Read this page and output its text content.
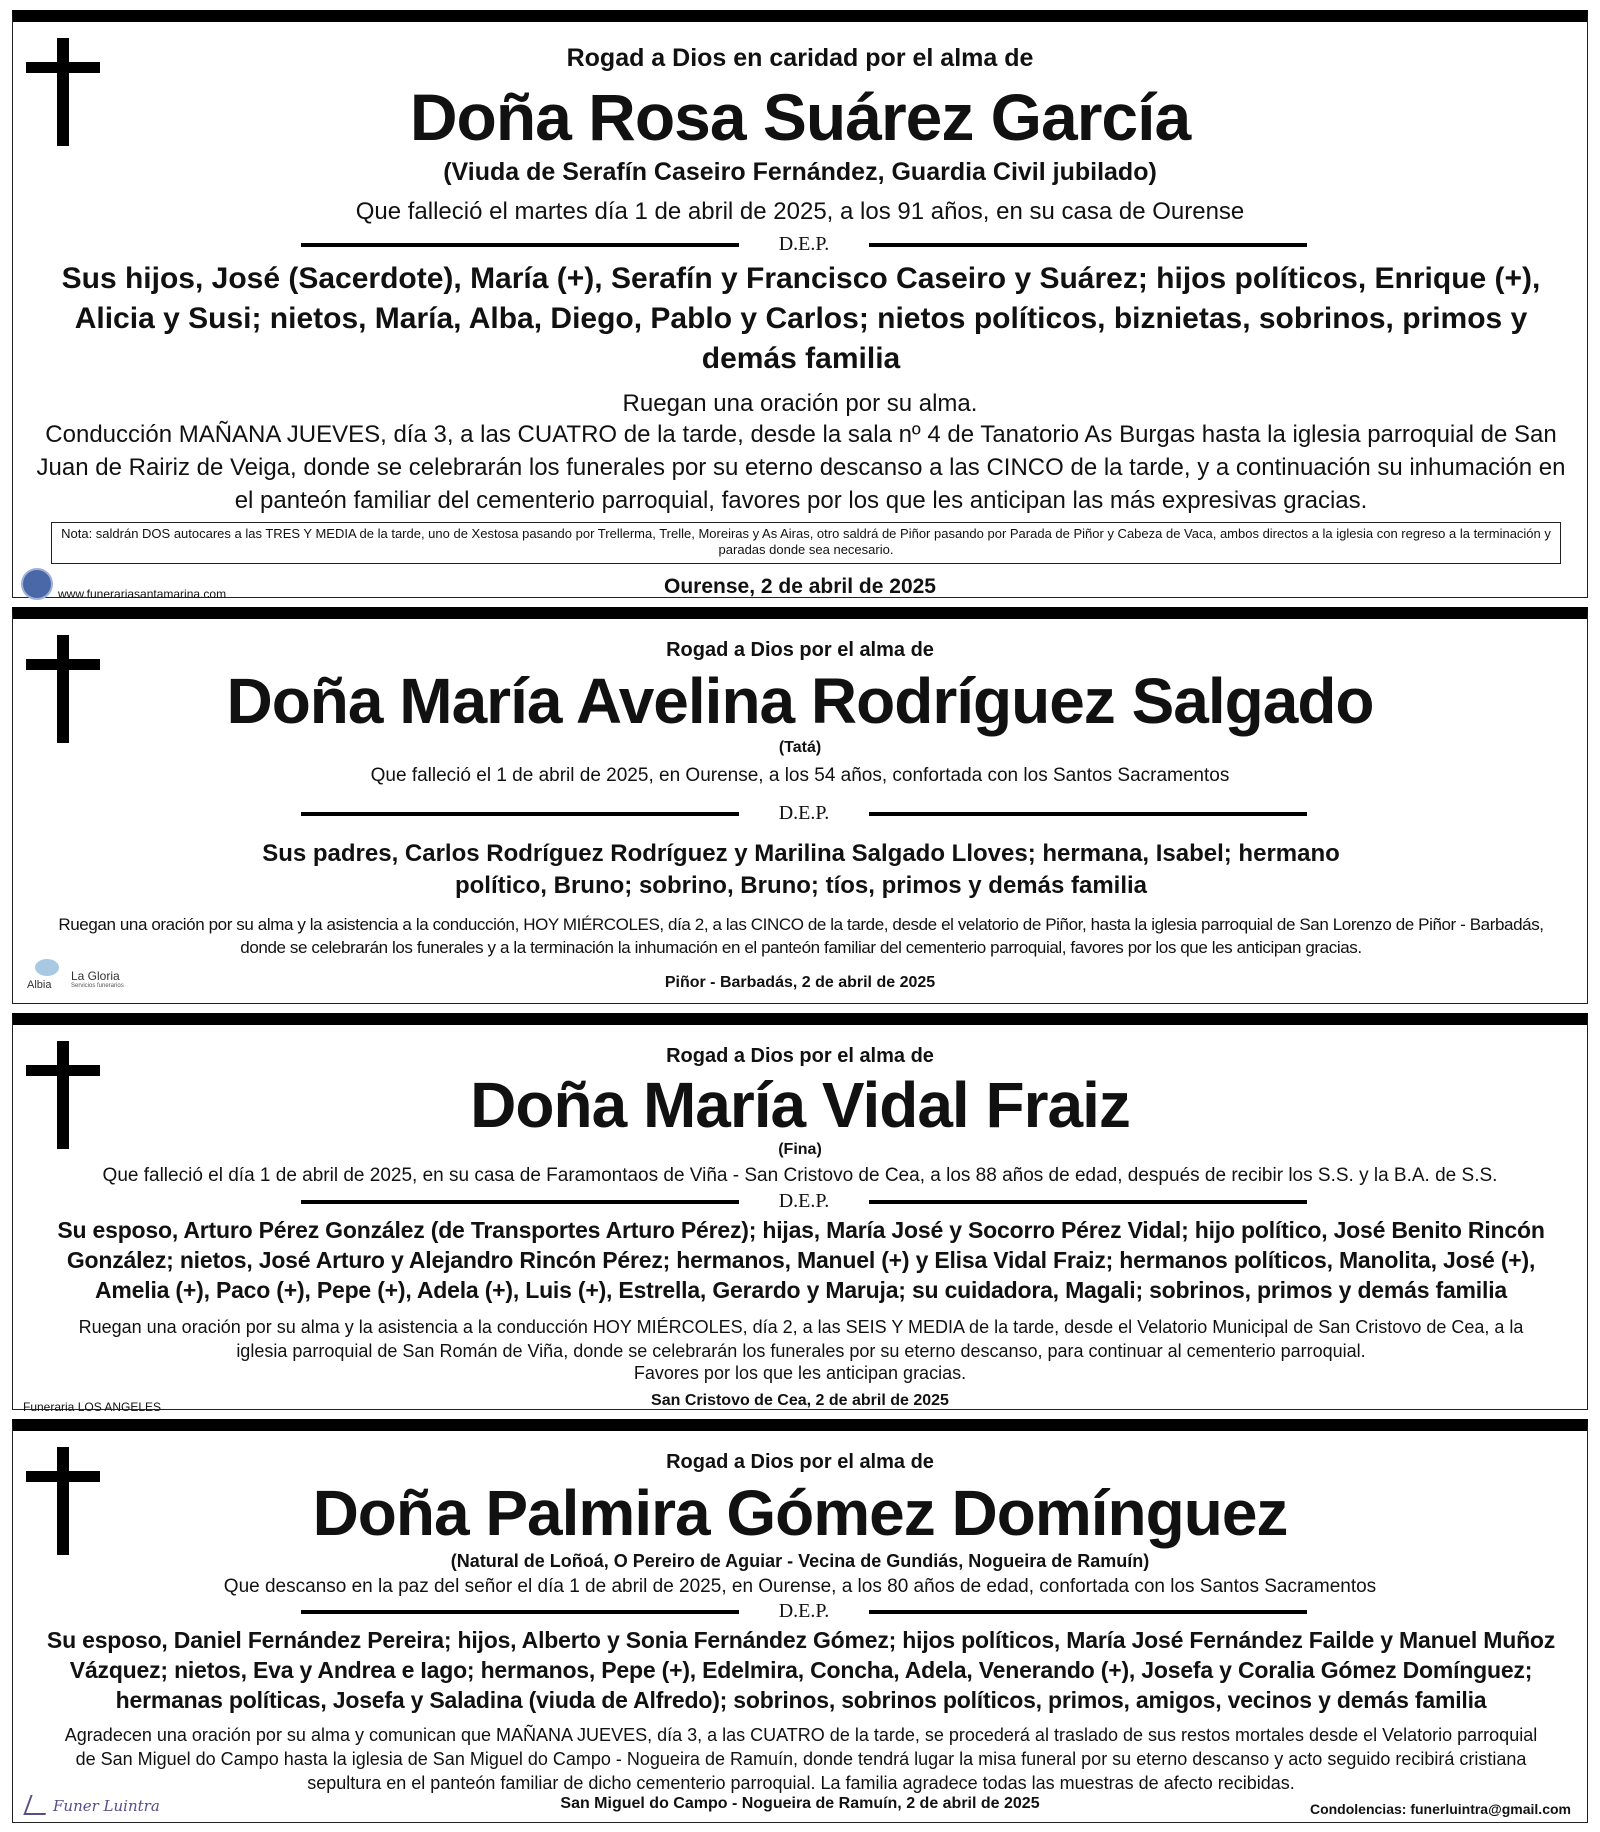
Rogad a Dios en caridad por el alma de
Doña Rosa Suárez García
(Viuda de Serafín Caseiro Fernández, Guardia Civil jubilado)
Que falleció el martes día 1 de abril de 2025, a los 91 años, en su casa de Ourense
D.E.P.
Sus hijos, José (Sacerdote), María (+), Serafín y Francisco Caseiro y Suárez; hijos políticos, Enrique (+), Alicia y Susi; nietos, María, Alba, Diego, Pablo y Carlos; nietos políticos, biznietas, sobrinos, primos y demás familia
Ruegan una oración por su alma.
Conducción MAÑANA JUEVES, día 3, a las CUATRO de la tarde, desde la sala nº 4 de Tanatorio As Burgas hasta la iglesia parroquial de San Juan de Rairiz de Veiga, donde se celebrarán los funerales por su eterno descanso a las CINCO de la tarde, y a continuación su inhumación en el panteón familiar del cementerio parroquial, favores por los que les anticipan las más expresivas gracias.
Nota: saldrán DOS autocares a las TRES Y MEDIA de la tarde, uno de Xestosa pasando por Trellerma, Trelle, Moreiras y As Airas, otro saldrá de Piñor pasando por Parada de Piñor y Cabeza de Vaca, ambos directos a la iglesia con regreso a la terminación y paradas donde sea necesario.
www.funerariasantamarina.com	Ourense, 2 de abril de 2025
Rogad a Dios por el alma de
Doña María Avelina Rodríguez Salgado
(Tatá)
Que falleció el 1 de abril de 2025, en Ourense, a los 54 años, confortada con los Santos Sacramentos
D.E.P.
Sus padres, Carlos Rodríguez Rodríguez y Marilina Salgado Lloves; hermana, Isabel; hermano político, Bruno; sobrino, Bruno; tíos, primos y demás familia
Ruegan una oración por su alma y la asistencia a la conducción, HOY MIÉRCOLES, día 2, a las CINCO de la tarde, desde el velatorio de Piñor, hasta la iglesia parroquial de San Lorenzo de Piñor - Barbadás, donde se celebrarán los funerales y a la terminación la inhumación en el panteón familiar del cementerio parroquial, favores por los que les anticipan gracias.
Albia
La Gloria
Servicios funerarios	Piñor - Barbadás, 2 de abril de 2025
Rogad a Dios por el alma de
Doña María Vidal Fraiz
(Fina)
Que falleció el día 1 de abril de 2025, en su casa de Faramontaos de Viña - San Cristovo de Cea, a los 88 años de edad, después de recibir los S.S. y la B.A. de S.S.
D.E.P.
Su esposo, Arturo Pérez González (de Transportes Arturo Pérez); hijas, María José y Socorro Pérez Vidal; hijo político, José Benito Rincón González; nietos, José Arturo y Alejandro Rincón Pérez; hermanos, Manuel (+) y Elisa Vidal Fraiz; hermanos políticos, Manolita, José (+), Amelia (+), Paco (+), Pepe (+), Adela (+), Luis (+), Estrella, Gerardo y Maruja; su cuidadora, Magali; sobrinos, primos y demás familia
Ruegan una oración por su alma y la asistencia a la conducción HOY MIÉRCOLES, día 2, a las SEIS Y MEDIA de la tarde, desde el Velatorio Municipal de San Cristovo de Cea, a la iglesia parroquial de San Román de Viña, donde se celebrarán los funerales por su eterno descanso, para continuar al cementerio parroquial.
Favores por los que les anticipan gracias.
Funeraria LOS ANGELES	San Cristovo de Cea, 2 de abril de 2025
Rogad a Dios por el alma de
Doña Palmira Gómez Domínguez
(Natural de Loñoá, O Pereiro de Aguiar - Vecina de Gundiás, Nogueira de Ramuín)
Que descanso en la paz del señor el día 1 de abril de 2025, en Ourense, a los 80 años de edad, confortada con los Santos Sacramentos
D.E.P.
Su esposo, Daniel Fernández Pereira; hijos, Alberto y Sonia Fernández Gómez; hijos políticos, María José Fernández Failde y Manuel Muñoz Vázquez; nietos, Eva y Andrea e Iago; hermanos, Pepe (+), Edelmira, Concha, Adela, Venerando (+), Josefa y Coralia Gómez Domínguez; hermanas políticas, Josefa y Saladina (viuda de Alfredo); sobrinos, sobrinos políticos, primos, amigos, vecinos y demás familia
Agradecen una oración por su alma y comunican que MAÑANA JUEVES, día 3, a las CUATRO de la tarde, se procederá al traslado de sus restos mortales desde el Velatorio parroquial de San Miguel do Campo hasta la iglesia de San Miguel do Campo - Nogueira de Ramuín, donde tendrá lugar la misa funeral por su eterno descanso y acto seguido recibirá cristiana sepultura en el panteón familiar de dicho cementerio parroquial. La familia agradece todas las muestras de afecto recibidas.
Funer Luintra	San Miguel do Campo - Nogueira de Ramuín, 2 de abril de 2025	Condolencias: funerluintra@gmail.com
